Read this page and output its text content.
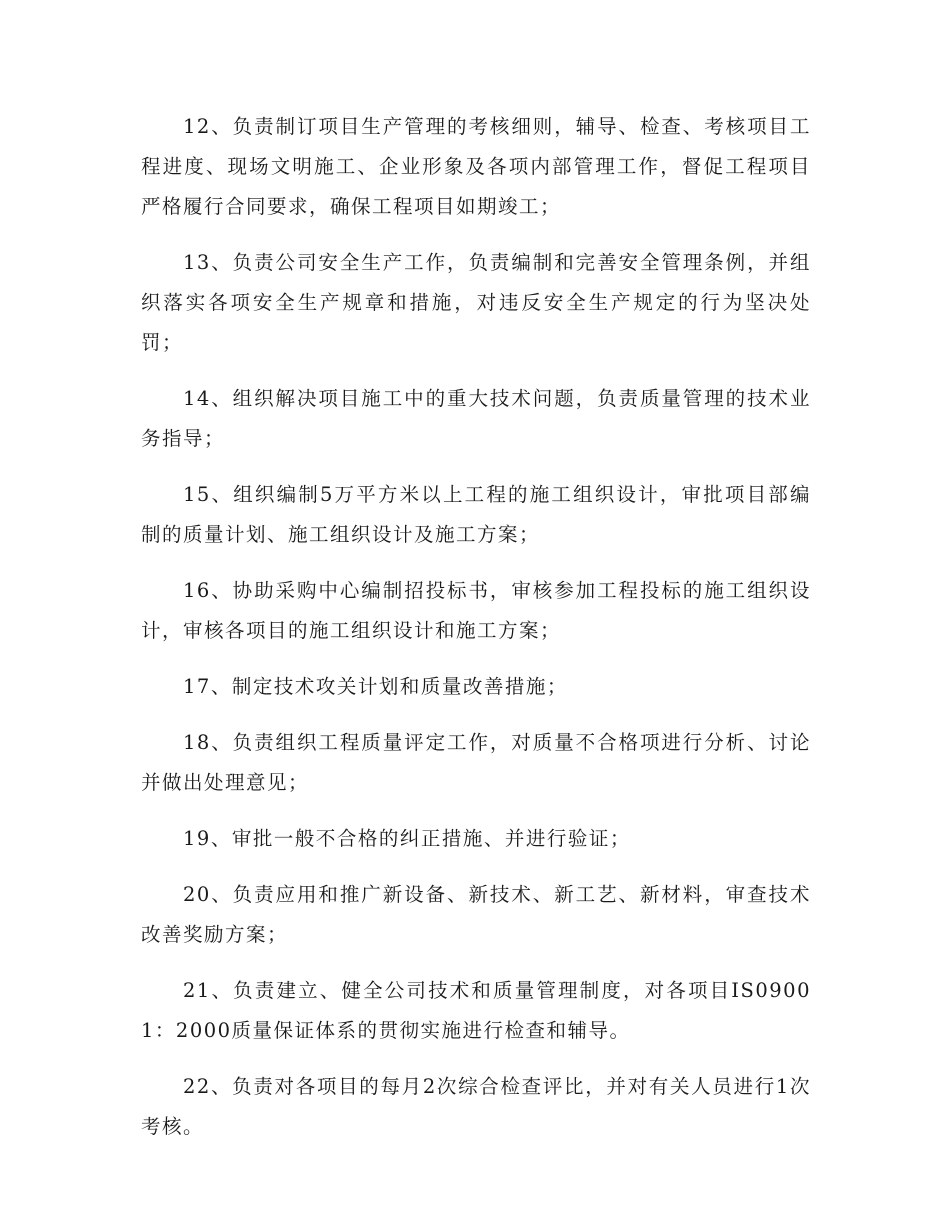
12、负责制订项目生产管理的考核细则，辅导、检查、考核项目工程进度、现场文明施工、企业形象及各项内部管理工作，督促工程项目严格履行合同要求，确保工程项目如期竣工；

13、负责公司安全生产工作，负责编制和完善安全管理条例，并组织落实各项安全生产规章和措施，对违反安全生产规定的行为坚决处罚；

14、组织解决项目施工中的重大技术问题，负责质量管理的技术业务指导；

15、组织编制5万平方米以上工程的施工组织设计，审批项目部编制的质量计划、施工组织设计及施工方案；

16、协助采购中心编制招投标书，审核参加工程投标的施工组织设计，审核各项目的施工组织设计和施工方案；

17、制定技术攻关计划和质量改善措施；

18、负责组织工程质量评定工作，对质量不合格项进行分析、讨论并做出处理意见；

19、审批一般不合格的纠正措施、并进行验证；

20、负责应用和推广新设备、新技术、新工艺、新材料，审查技术改善奖励方案；

21、负责建立、健全公司技术和质量管理制度，对各项目IS09001：2000质量保证体系的贯彻实施进行检查和辅导。

22、负责对各项目的每月2次综合检查评比，并对有关人员进行1次考核。
